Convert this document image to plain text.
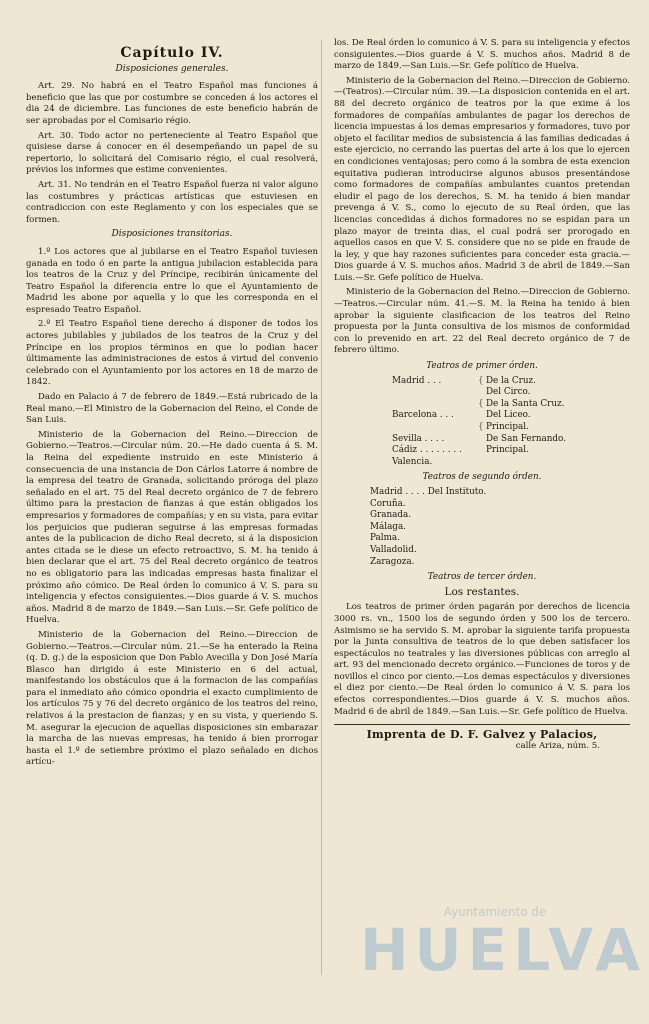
Capítulo IV.
Disposiciones generales.

Art. 29. No habrá en el Teatro Español mas funciones á beneficio que las que por costumbre se conceden á los actores el dia 24 de diciembre. Las funciones de este beneficio habrán de ser aprobadas por el Comisario régio.

Art. 30. Todo actor no perteneciente al Teatro Español que quisiese darse á conocer en él desempeñando un papel de su repertorio, lo solicitará del Comisario régio, el cual resolverá, prévios los informes que estime convenientes.

Art. 31. No tendrán en el Teatro Español fuerza ni valor alguno las costumbres y prácticas artísticas que estuviesen en contradiccion con este Reglamento y con los especiales que se formen.

Disposiciones transitorias.

1.º Los actores que al jubilarse en el Teatro Español tuviesen ganada en todo ó en parte la antigua jubilacion establecida para los teatros de la Cruz y del Príncipe, recibirán únicamente del Teatro Español la diferencia entre lo que el Ayuntamiento de Madrid les abone por aquella y lo que les corresponda en el espresado Teatro Español.

2.º El Teatro Español tiene derecho á disponer de todos los actores jubilables y jubilados de los teatros de la Cruz y del Príncipe en los propios términos en que lo podian hacer últimamente las administraciones de estos á virtud del convenio celebrado con el Ayuntamiento por los actores en 18 de marzo de 1842.

Dado en Palacio á 7 de febrero de 1849.—Está rubricado de la Real mano.—El Ministro de la Gobernacion del Reino, el Conde de San Luis.

Ministerio de la Gobernacion del Reino.—Direccion de Gobierno.—Teatros.—Circular núm. 20.—He dado cuenta á S. M. la Reina del expediente instruido en este Ministerio á consecuencia de una instancia de Don Cárlos Latorre á nombre de la empresa del teatro de Granada, solicitando próroga del plazo señalado en el art. 75 del Real decreto orgánico de 7 de febrero último para la prestacion de fianzas á que están obligados los empresarios y formadores de compañías; y en su vista, para evitar los perjuicios que pudieran seguirse á las empresas formadas antes de la publicacion de dicho Real decreto, si á la disposicion antes citada se le diese un efecto retroactivo, S. M. ha tenido á bien declarar que el art. 75 del Real decreto orgánico de teatros no es obligatorio para las indicadas empresas hasta finalizar el próximo año cómico. De Real órden lo comunico á V. S. para su inteligencia y efectos consiguientes.—Dios guarde á V. S. muchos años. Madrid 8 de marzo de 1849.—San Luis.—Sr. Gefe político de Huelva.

Ministerio de la Gobernacion del Reino.—Direccion de Gobierno.—Teatros.—Circular núm. 21.—Se ha enterado la Reina (q. D. g.) de la esposicion que Don Pablo Avecilla y Don José María Blasco han dirigido á este Ministerio en 6 del actual, manifestando los obstáculos que á la formacion de las compañías para el inmediato año cómico opondria el exacto cumplimiento de los artículos 75 y 76 del decreto orgánico de los teatros del reino, relativos á la prestacion de fianzas; y en su vista, y queriendo S. M. asegurar la ejecucion de aquellas disposiciones sin embarazar la marcha de las nuevas empresas, ha tenido á bien prorrogar hasta el 1.º de setiembre próximo el plazo señalado en dichos artícu-

los. De Real órden lo comunico á V. S. para su inteligencia y efectos consiguientes.—Dios guarde á V. S. muchos años. Madrid 8 de marzo de 1849.—San Luis.—Sr. Gefe político de Huelva.

Ministerio de la Gobernacion del Reino.—Direccion de Gobierno.—(Teatros).—Circular núm. 39.—La disposicion contenida en el art. 88 del decreto orgánico de teatros por la que exime á los formadores de compañías ambulantes de pagar los derechos de licencia impuestas á los demas empresarios y formadores, tuvo por objeto el facilitar medios de subsistencia á las familias dedicadas á este ejercicio, no cerrando las puertas del arte á los que lo ejercen en condiciones ventajosas; pero como á la sombra de esta exencion equitativa pudieran introducirse algunos abusos presentándose como formadores de compañías ambulantes cuantos pretendan eludir el pago de los derechos, S. M. ha tenido á bien mandar prevenga á V. S., como lo ejecuto de su Real órden, que las licencias concedidas á dichos formadores no se espidan para un plazo mayor de treinta dias, el cual podrá ser prorogado en aquellos casos en que V. S. considere que no se pide en fraude de la ley, y que hay razones suficientes para conceder esta gracia.—Dios guarde á V. S. muchos años. Madrid 3 de abril de 1849.—San Luis.—Sr. Gefe político de Huelva.

Ministerio de la Gobernacion del Reino.—Direccion de Gobierno.—Teatros.—Circular núm. 41.—S. M. la Reina ha tenido á bien aprobar la siguiente clasificacion de los teatros del Reino propuesta por la Junta consultiva de los mismos de conformidad con lo prevenido en art. 22 del Real decreto orgánico de 7 de febrero último.

Teatros de primer órden.
Madrid . . .	{ De la Cruz.
Del Circo.
{ De la Santa Cruz.
Barcelona . . .	Del Liceo.
{ Principal.
Sevilla . . . .	De San Fernando.
Cádiz . . . . . . . .	Principal.
Valencia.
Teatros de segundo órden.
Madrid . . . . Del Instituto.
Coruña.
Granada.
Málaga.
Palma.
Valladolid.
Zaragoza.
Teatros de tercer órden.
Los restantes.

Los teatros de primer órden pagarán por derechos de licencia 3000 rs. vn., 1500 los de segundo órden y 500 los de tercero. Asimismo se ha servido S. M. aprobar la siguiente tarifa propuesta por la Junta consultiva de teatros de lo que deben satisfacer los espectáculos no teatrales y las diversiones públicas con arreglo al art. 93 del mencionado decreto orgánico.—Funciones de toros y de novillos el cinco por ciento.—Los demas espectáculos y diversiones el diez por ciento.—De Real órden lo comunico á V. S. para los efectos correspondientes.—Dios guarde á V. S. muchos años. Madrid 6 de abril de 1849.—San Luis.—Sr. Gefe político de Huelva.

Imprenta de D. F. Galvez y Palacios,
calle Ariza, núm. 5.
Ayuntamiento de
HUELVA
